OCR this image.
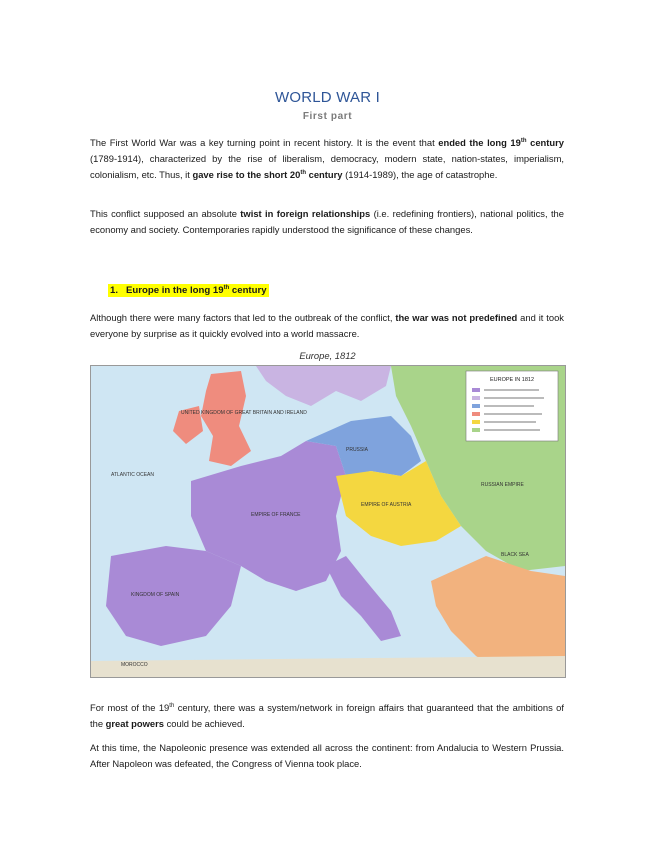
WORLD WAR I
First part
The First World War was a key turning point in recent history. It is the event that ended the long 19th century (1789-1914), characterized by the rise of liberalism, democracy, modern state, nation-states, imperialism, colonialism, etc. Thus, it gave rise to the short 20th century (1914-1989), the age of catastrophe.
This conflict supposed an absolute twist in foreign relationships (i.e. redefining frontiers), national politics, the economy and society. Contemporaries rapidly understood the significance of these changes.
1. Europe in the long 19th century
Although there were many factors that led to the outbreak of the conflict, the war was not predefined and it took everyone by surprise as it quickly evolved into a world massacre.
Europe, 1812
EUROPE IN 1812
UNITED KINGDOM OF GREAT BRITAIN AND IRELAND
EMPIRE OF FRANCE
KINGDOM OF SPAIN
EMPIRE OF AUSTRIA
RUSSIAN EMPIRE
PRUSSIA
ATLANTIC OCEAN
BLACK SEA
MOROCCO
For most of the 19th century, there was a system/network in foreign affairs that guaranteed that the ambitions of the great powers could be achieved.
At this time, the Napoleonic presence was extended all across the continent: from Andalucia to Western Prussia. After Napoleon was defeated, the Congress of Vienna took place.
